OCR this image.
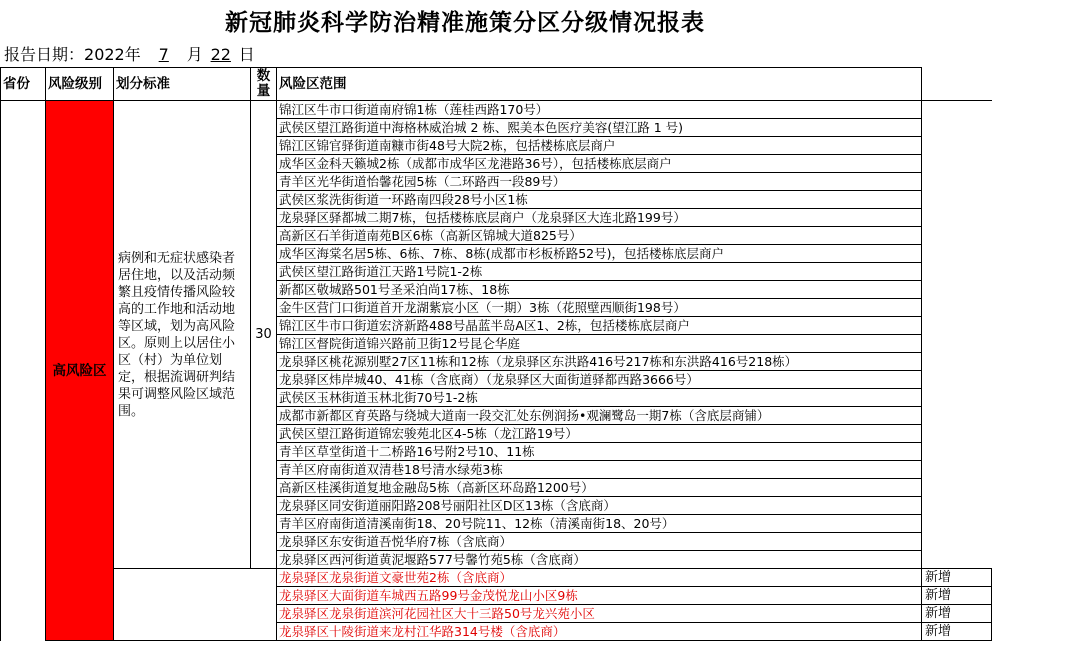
新冠肺炎科学防治精准施策分区分级情况报表
报告日期：2022年 7 月 22 日
省份	风险级别	划分标准	数量	风险区范围	
	高风险区	病例和无症状感染者居住地，以及活动频繁且疫情传播风险较高的工作地和活动地等区域，划为高风险区。原则上以居住小区（村）为单位划定，根据流调研判结果可调整风险区域范围。	30	锦江区牛市口街道南府锦1栋（莲桂西路170号）	
				武侯区望江路街道中海格林威治城 2 栋、熙美本色医疗美容(望江路 1 号)	
				锦江区锦官驿街道南糠市街48号大院2栋，包括楼栋底层商户	
				成华区金科天籁城2栋（成都市成华区龙港路36号），包括楼栋底层商户	
				青羊区光华街道怡馨花园5栋（二环路西一段89号）	
				武侯区浆洗街街道一环路南四段28号小区1栋	
				龙泉驿区驿都城二期7栋，包括楼栋底层商户（龙泉驿区大连北路199号）	
				高新区石羊街道南苑B区6栋（高新区锦城大道825号）	
				成华区海棠名居5栋、6栋、7栋、8栋(成都市杉板桥路52号)，包括楼栋底层商户	
				武侯区望江路街道江天路1号院1-2栋	
				新都区敬城路501号圣采泊尚17栋、18栋	
				金牛区营门口街道首开龙湖紫宸小区（一期）3栋（花照壁西顺街198号）	
				锦江区牛市口街道宏济新路488号晶蓝半岛A区1、2栋，包括楼栋底层商户	
				锦江区督院街道锦兴路前卫街12号昆仑华庭	
				龙泉驿区桃花源别墅27区11栋和12栋（龙泉驿区东洪路416号217栋和东洪路416号218栋）	
				龙泉驿区炜岸城40、41栋（含底商）（龙泉驿区大面街道驿都西路3666号）	
				武侯区玉林街道玉林北街70号1-2栋	
				成都市新都区育英路与绕城大道南一段交汇处东例润扬•观澜鹭岛一期7栋（含底层商铺）	
				武侯区望江路街道锦宏骏苑北区4-5栋（龙江路19号）	
				青羊区草堂街道十二桥路16号附2号10、11栋	
				青羊区府南街道双清巷18号清水绿苑3栋	
				高新区桂溪街道复地金融岛5栋（高新区环岛路1200号）	
				龙泉驿区同安街道丽阳路208号丽阳社区D区13栋（含底商）	
				青羊区府南街道清溪南街18、20号院11、12栋（清溪南街18、20号）	
				龙泉驿区东安街道吾悦华府7栋（含底商）	
				龙泉驿区西河街道黄泥堰路577号馨竹苑5栋（含底商）	
				龙泉驿区龙泉街道文豪世苑2栋（含底商）	新增
				龙泉驿区大面街道车城西五路99号金茂悦龙山小区9栋	新增
				龙泉驿区龙泉街道滨河花园社区大十三路50号龙兴苑小区	新增
				龙泉驿区十陵街道来龙村江华路314号楼（含底商）	新增
